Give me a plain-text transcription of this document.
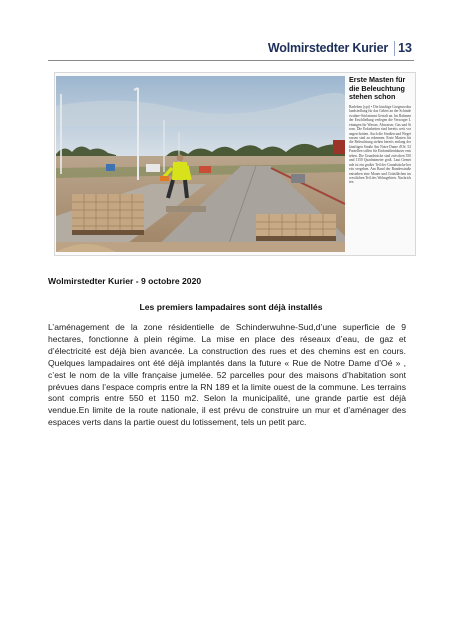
Wolmirstedter Kurier 13

Erste Masten für die Beleuchtung stehen schon

Barleben (ypi) • Die künftige Gorgenwohnlandsiedlung für das Gebiet an der Schinderwuhne-Süd nimmt Gestalt an. Im Rahmen der Erschließung verlegen die Versorger Leitungen für Wasser, Abwasser, Gas und Strom. Die Erdarbeiten sind bereits weit vorangeschritten. Auch die Straßen und Wegetrassen sind zu erkennen. Erste Masten für die Beleuchtung stehen bereits entlang der künftigen Straße Am Notre Dame d'Oé. 52 Parzellen sollen für Einfamilienhäuser entstehen. Die Grundstücke sind zwischen 550 und 1150 Quadratmeter groß. Laut Gemeinde ist ein großer Teil der Grundstücke bereits vergeben. Am Rand der Bundesstraße entstehen eine Mauer und Grünflächen im westlichen Teil des Wohngebiets. Nachrichten

Wolmirstedter Kurier - 9 octobre 2020
Les premiers lampadaires sont déjà installés

L’aménagement de la zone résidentielle de Schinderwuhne-Sud,d’une superficie de 9 hectares, fonctionne à plein régime. La mise en place des réseaux d’eau, de gaz et d’électricité est déjà bien avancée. La construction des rues et des chemins est en cours. Quelques lampadaires ont été déjà implantés dans la future « Rue de Notre Dame d’Oé » , c’est le nom de la ville française jumelée. 52 parcelles pour des maisons d’habitation sont prévues dans l’espace compris entre la RN 189 et la limite ouest de la commune. Les terrains sont compris entre 550 et 1150 m2. Selon la municipalité, une grande partie est déjà vendue.En limite de la route nationale, il est prévu de construire un mur et d’aménager des espaces verts dans la partie ouest du lotissement, tels un petit parc.
